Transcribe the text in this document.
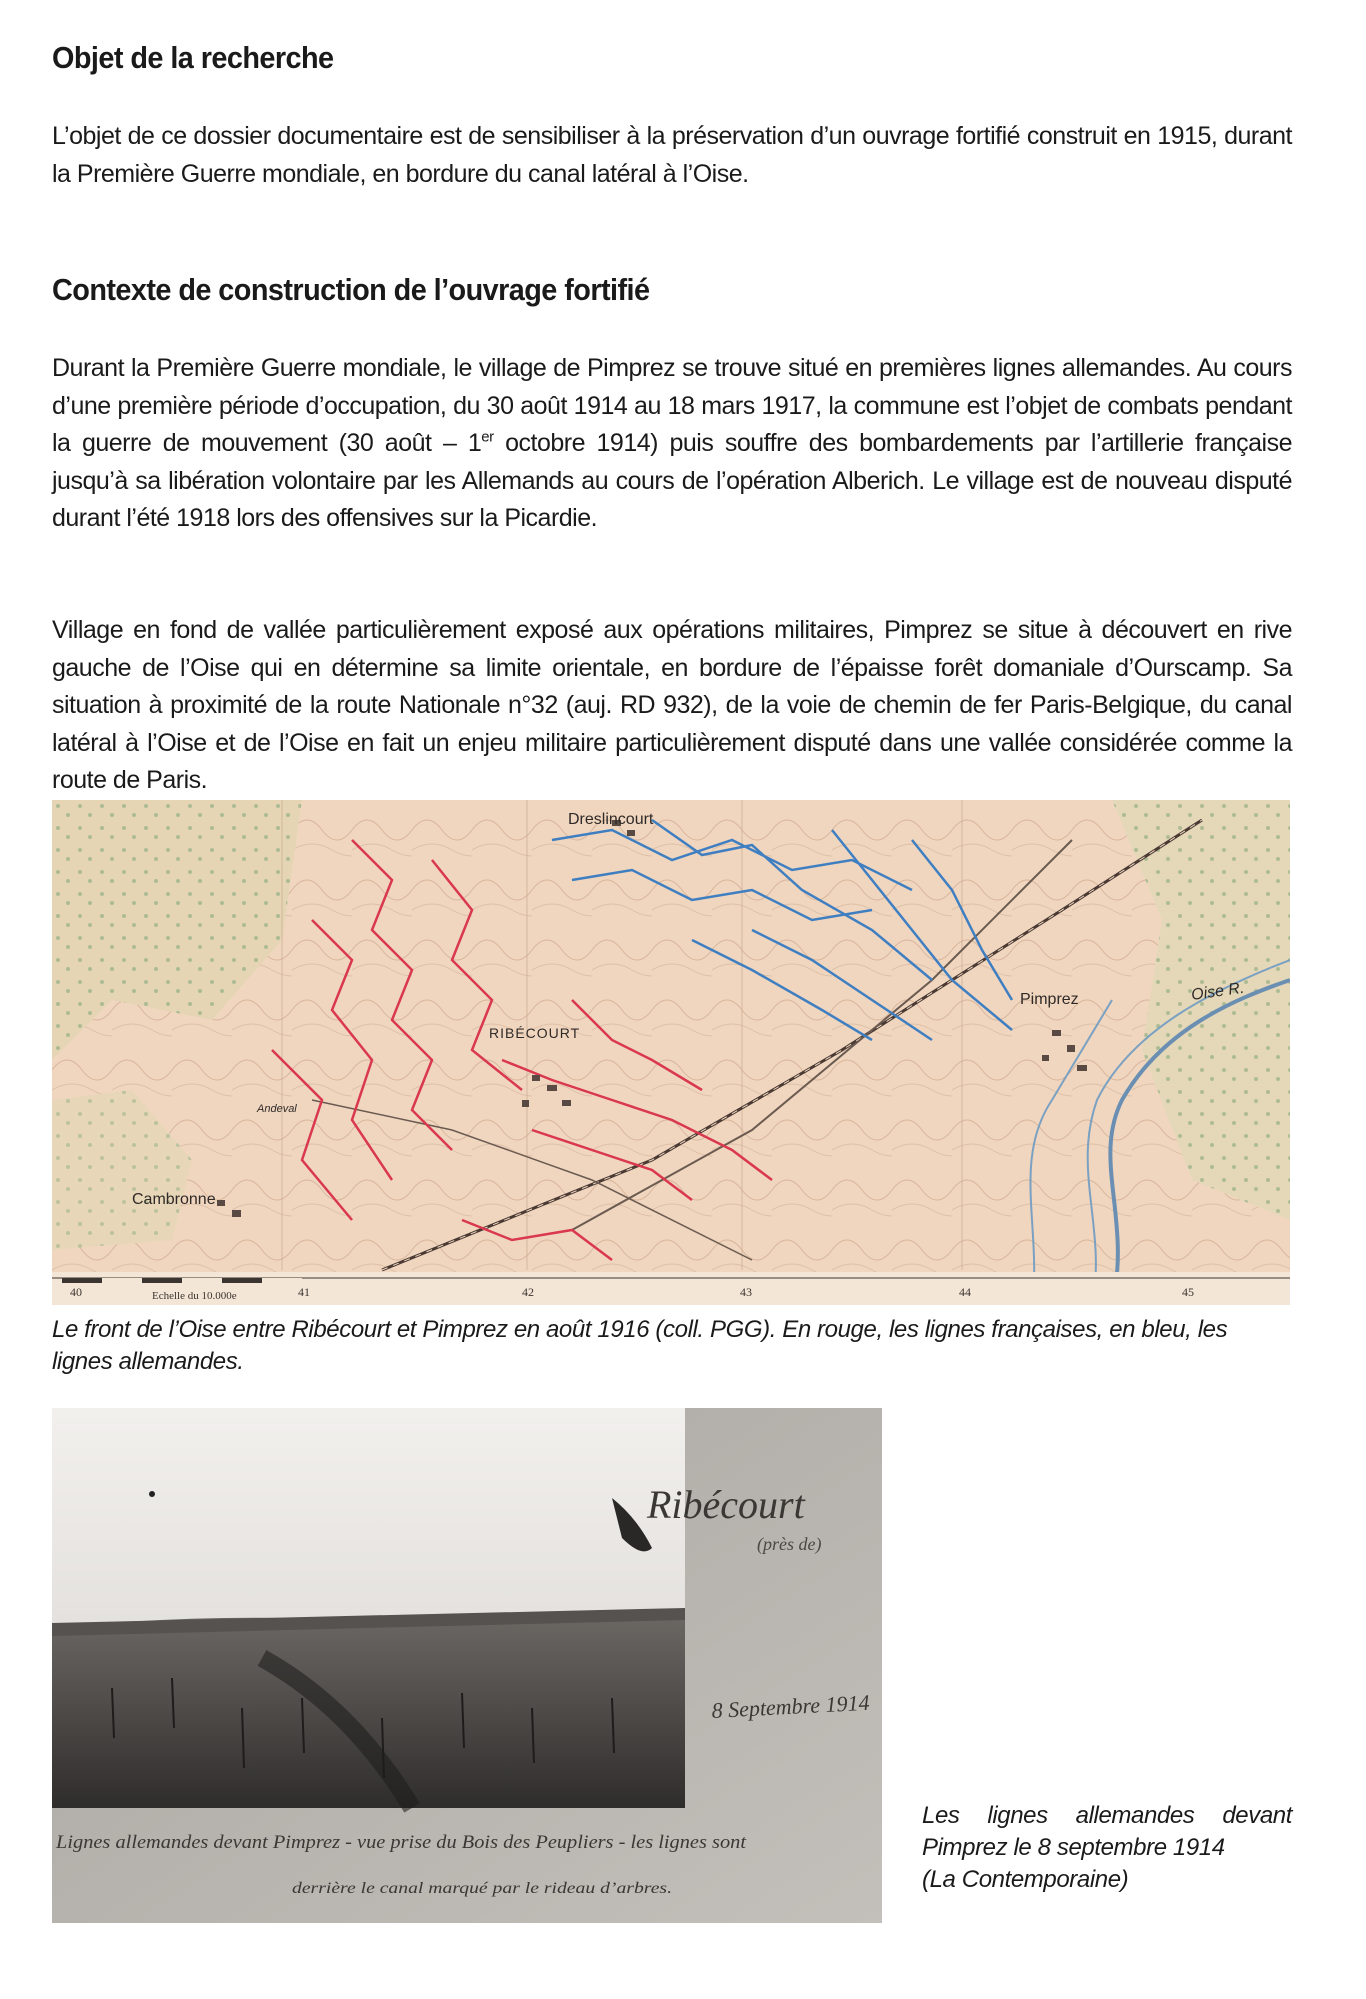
Objet de la recherche

L’objet de ce dossier documentaire est de sensibiliser à la préservation d’un ouvrage fortifié construit en 1915, durant la Première Guerre mondiale, en bordure du canal latéral à l’Oise.

Contexte de construction de l’ouvrage fortifié

Durant la Première Guerre mondiale, le village de Pimprez se trouve situé en premières lignes allemandes. Au cours d’une première période d’occupation, du 30 août 1914 au 18 mars 1917, la commune est l’objet de combats pendant la guerre de mouvement (30 août – 1er octobre 1914) puis souffre des bombardements par l’artillerie française jusqu’à sa libération volontaire par les Allemands au cours de l’opération Alberich. Le village est de nouveau disputé durant l’été 1918 lors des offensives sur la Picardie.

Village en fond de vallée particulièrement exposé aux opérations militaires, Pimprez se situe à découvert en rive gauche de l’Oise qui en détermine sa limite orientale, en bordure de l’épaisse forêt domaniale d’Ourscamp. Sa situation à proximité de la route Nationale n°32 (auj. RD 932), de la voie de chemin de fer Paris-Belgique, du canal latéral à l’Oise et de l’Oise en fait un enjeu militaire particulièrement disputé dans une vallée considérée comme la route de Paris.

Echelle du 10.000e
40	41	42	43	44	45
Dreslincourt
RIBÉCOURT
Pimprez
Cambronne
Andeval
Oise R.

Le front de l’Oise entre Ribécourt et Pimprez en août 1916 (coll. PGG). En rouge, les lignes françaises, en bleu, les lignes allemandes.

Ribécourt
(près de)
8 Septembre 1914
Lignes allemandes devant Pimprez - vue prise du Bois des Peupliers - les lignes sont
derrière le canal marqué par le rideau d’arbres.

Les lignes allemandes devant

Pimprez le 8 septembre 1914

(La Contemporaine)
